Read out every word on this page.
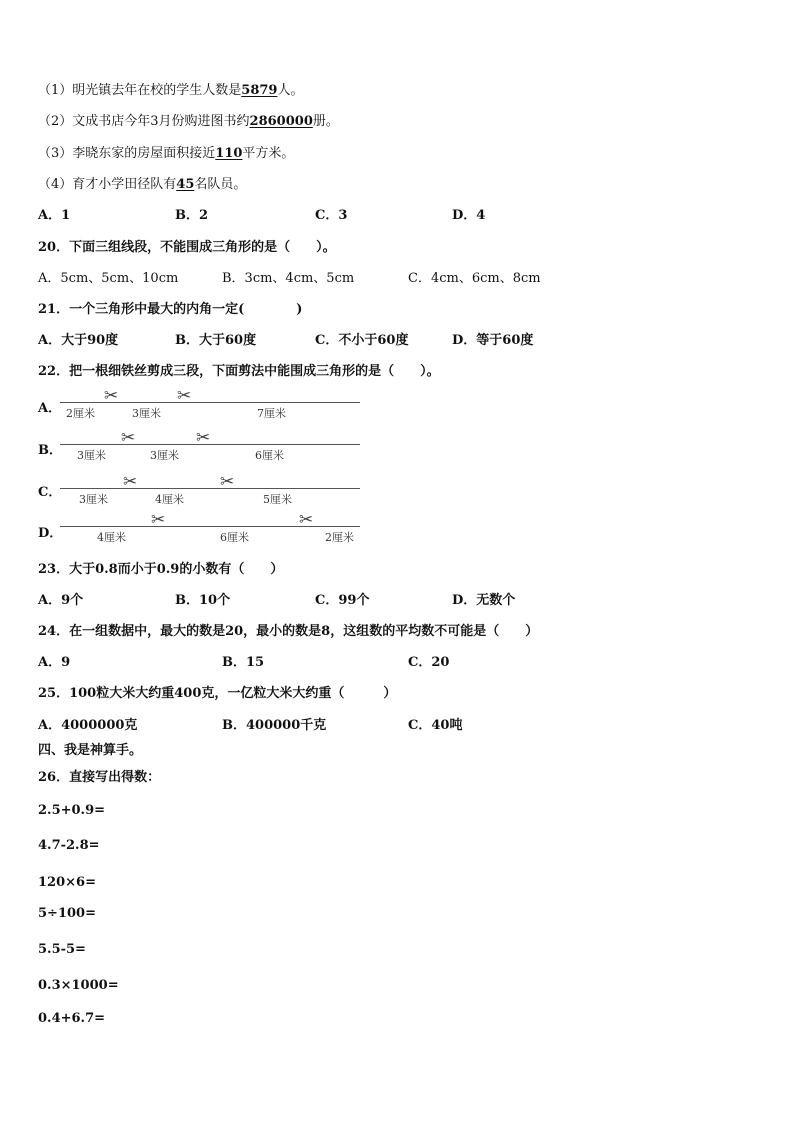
（1）明光镇去年在校的学生人数是5879人。
（2）文成书店今年3月份购进图书约2860000册。
（3）李晓东家的房屋面积接近110平方米。
（4）育才小学田径队有45名队员。
A．1	B．2	C．3	D．4
20．下面三组线段，不能围成三角形的是（　　）。
A．5cm、5cm、10cm	B．3cm、4cm、5cm	C．4cm、6cm、8cm
21．一个三角形中最大的内角一定(　　　　)
A．大于90度	B．大于60度	C．不小于60度	D．等于60度
22．把一根细铁丝剪成三段，下面剪法中能围成三角形的是（　　）。
A．
✂	✂
2厘米	3厘米	7厘米
B．
✂	✂
3厘米	3厘米	6厘米
C．
✂	✂
3厘米	4厘米	5厘米
D．
✂	✂
4厘米	6厘米	2厘米
23．大于0.8而小于0.9的小数有（　　）
A．9个	B．10个	C．99个	D．无数个
24．在一组数据中，最大的数是20，最小的数是8，这组数的平均数不可能是（　　）
A．9	B．15	C．20
25．100粒大米大约重400克，一亿粒大米大约重（　　　）
A．4000000克	B．400000千克	C．40吨
四、我是神算手。
26．直接写出得数：
2.5+0.9=
4.7-2.8=
120×6=
5÷100=
5.5-5=
0.3×1000=
0.4+6.7=
